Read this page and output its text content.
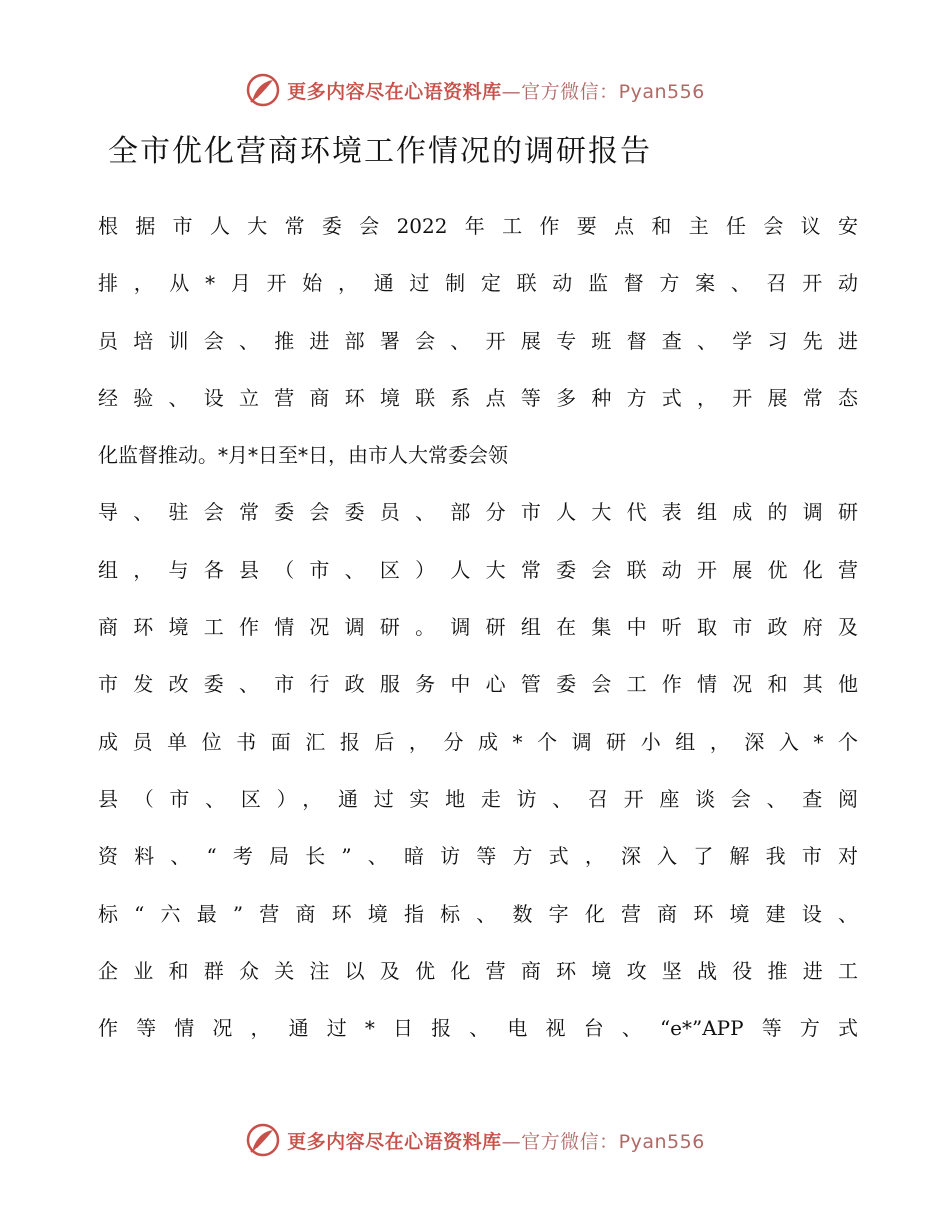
更多内容尽在心语资料库—官方微信：Pyan556
全市优化营商环境工作情况的调研报告
根据市人大常委会2022年工作要点和主任会议安
排，从*月开始，通过制定联动监督方案、召开动
员培训会、推进部署会、开展专班督查、学习先进
经验、设立营商环境联系点等多种方式，开展常态
化监督推动。*月*日至*日，由市人大常委会领
导、驻会常委会委员、部分市人大代表组成的调研
组，与各县（市、区）人大常委会联动开展优化营
商环境工作情况调研。调研组在集中听取市政府及
市发改委、市行政服务中心管委会工作情况和其他
成员单位书面汇报后，分成*个调研小组，深入*个
县（市、区），通过实地走访、召开座谈会、查阅
资料、“考局长”、暗访等方式，深入了解我市对
标“六最”营商环境指标、数字化营商环境建设、
企业和群众关注以及优化营商环境攻坚战役推进工
作等情况，通过*日报、电视台、“e*”APP等方式
更多内容尽在心语资料库—官方微信：Pyan556
